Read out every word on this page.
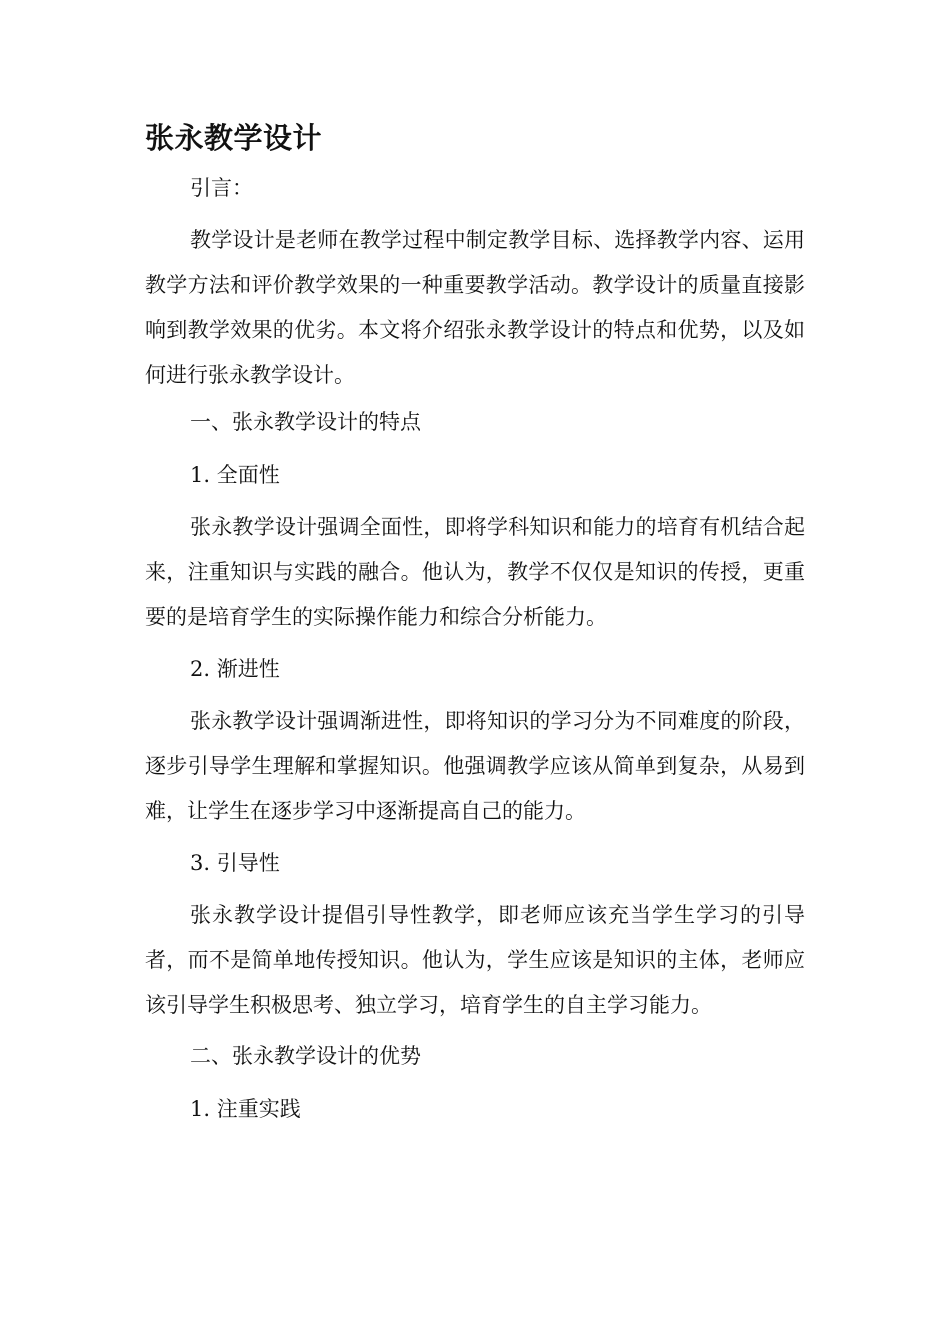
张永教学设计

引言：

教学设计是老师在教学过程中制定教学目标、选择教学内容、运用教学方法和评价教学效果的一种重要教学活动。教学设计的质量直接影响到教学效果的优劣。本文将介绍张永教学设计的特点和优势，以及如何进行张永教学设计。

一、张永教学设计的特点

1. 全面性

张永教学设计强调全面性，即将学科知识和能力的培育有机结合起来，注重知识与实践的融合。他认为，教学不仅仅是知识的传授，更重要的是培育学生的实际操作能力和综合分析能力。

2. 渐进性

张永教学设计强调渐进性，即将知识的学习分为不同难度的阶段，逐步引导学生理解和掌握知识。他强调教学应该从简单到复杂，从易到难，让学生在逐步学习中逐渐提高自己的能力。

3. 引导性

张永教学设计提倡引导性教学，即老师应该充当学生学习的引导者，而不是简单地传授知识。他认为，学生应该是知识的主体，老师应该引导学生积极思考、独立学习，培育学生的自主学习能力。

二、张永教学设计的优势

1. 注重实践
